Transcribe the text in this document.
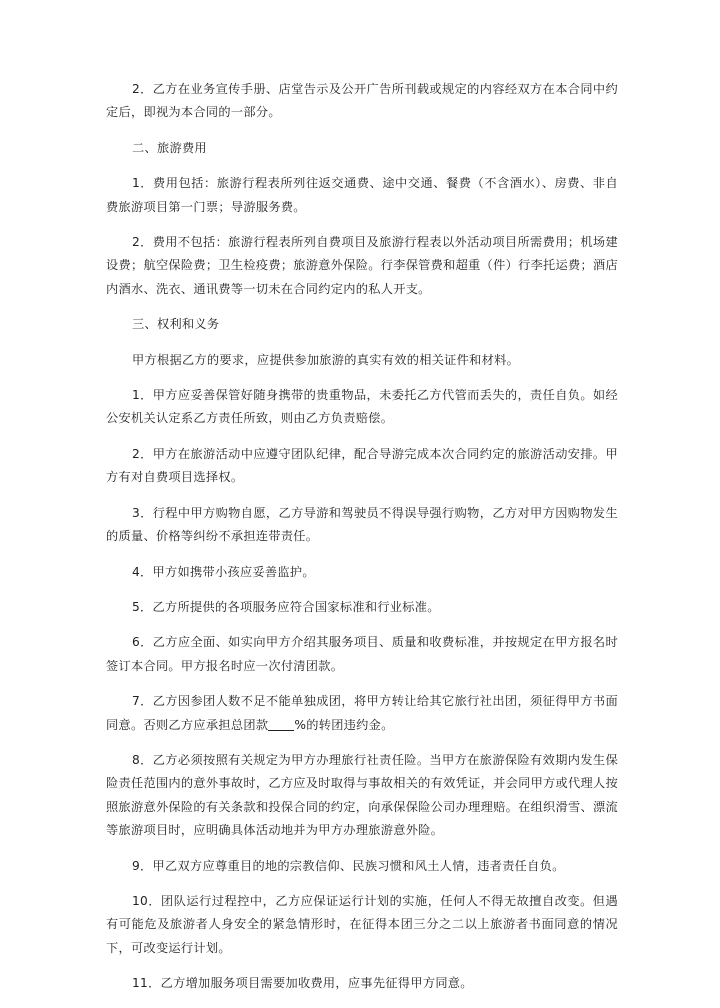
2．乙方在业务宣传手册、店堂告示及公开广告所刊载或规定的内容经双方在本合同中约定后，即视为本合同的一部分。

二、旅游费用

1．费用包括：旅游行程表所列往返交通费、途中交通、餐费（不含酒水）、房费、非自费旅游项目第一门票；导游服务费。

2．费用不包括：旅游行程表所列自费项目及旅游行程表以外活动项目所需费用；机场建设费；航空保险费；卫生检疫费；旅游意外保险。行李保管费和超重（件）行李托运费；酒店内酒水、洗衣、通讯费等一切未在合同约定内的私人开支。

三、权利和义务

甲方根据乙方的要求，应提供参加旅游的真实有效的相关证件和材料。

1．甲方应妥善保管好随身携带的贵重物品，未委托乙方代管而丢失的，责任自负。如经公安机关认定系乙方责任所致，则由乙方负责赔偿。

2．甲方在旅游活动中应遵守团队纪律，配合导游完成本次合同约定的旅游活动安排。甲方有对自费项目选择权。

3．行程中甲方购物自愿，乙方导游和驾驶员不得误导强行购物，乙方对甲方因购物发生的质量、价格等纠纷不承担连带责任。

4．甲方如携带小孩应妥善监护。

5．乙方所提供的各项服务应符合国家标准和行业标准。

6．乙方应全面、如实向甲方介绍其服务项目、质量和收费标准，并按规定在甲方报名时签订本合同。甲方报名时应一次付清团款。

7．乙方因参团人数不足不能单独成团，将甲方转让给其它旅行社出团，须征得甲方书面同意。否则乙方应承担总团款 %的转团违约金。

8．乙方必须按照有关规定为甲方办理旅行社责任险。当甲方在旅游保险有效期内发生保险责任范围内的意外事故时，乙方应及时取得与事故相关的有效凭证，并会同甲方或代理人按照旅游意外保险的有关条款和投保合同的约定，向承保保险公司办理理赔。在组织滑雪、漂流等旅游项目时，应明确具体活动地并为甲方办理旅游意外险。

9．甲乙双方应尊重目的地的宗教信仰、民族习惯和风土人情，违者责任自负。

10．团队运行过程控中，乙方应保证运行计划的实施，任何人不得无故擅自改变。但遇有可能危及旅游者人身安全的紧急情形时，在征得本团三分之二以上旅游者书面同意的情况下，可改变运行计划。

11．乙方增加服务项目需要加收费用，应事先征得甲方同意。
